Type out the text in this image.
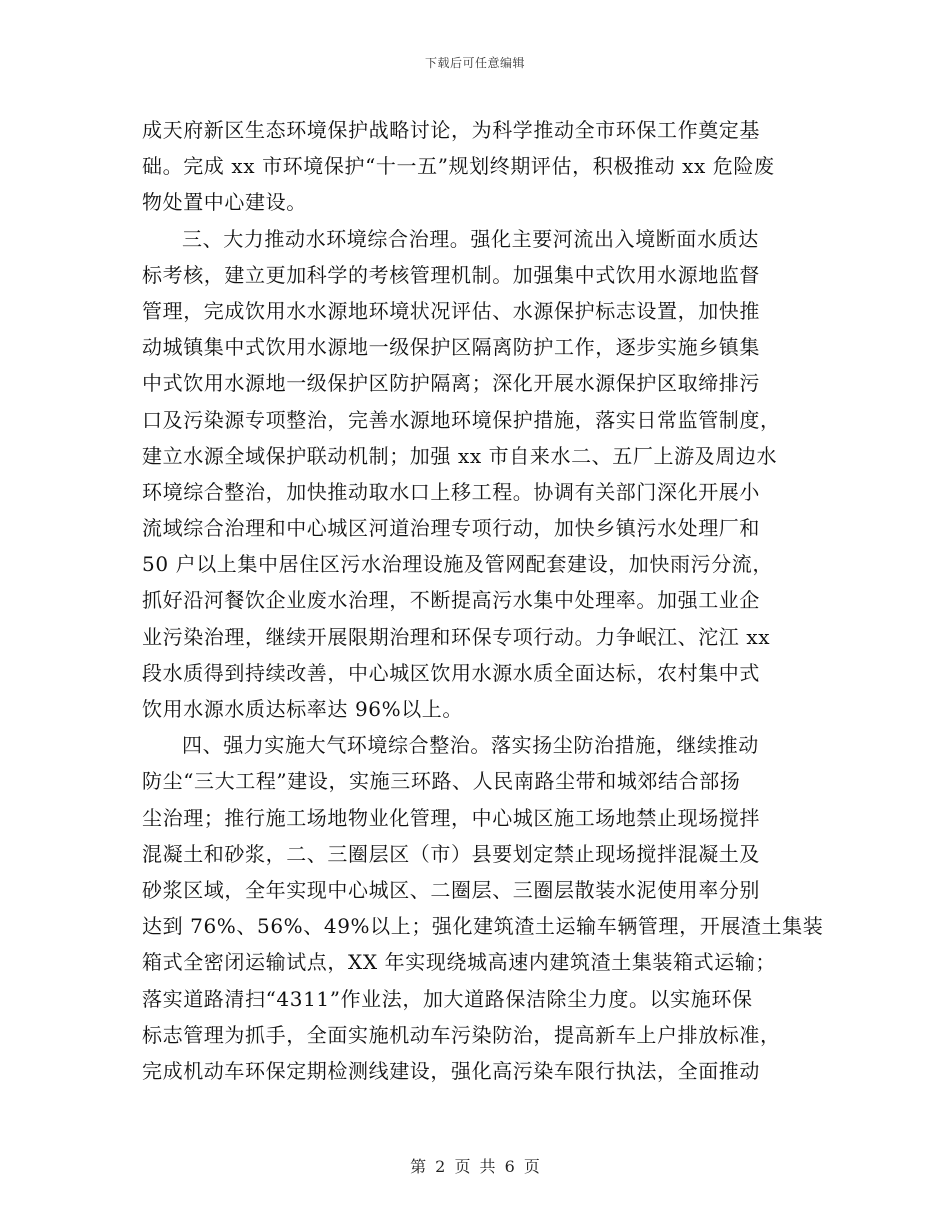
下载后可任意编辑
成天府新区生态环境保护战略讨论，为科学推动全市环保工作奠定基
础。完成 xx 市环境保护“十一五”规划终期评估，积极推动 xx 危险废
物处置中心建设。
三、大力推动水环境综合治理。强化主要河流出入境断面水质达
标考核，建立更加科学的考核管理机制。加强集中式饮用水源地监督
管理，完成饮用水水源地环境状况评估、水源保护标志设置，加快推
动城镇集中式饮用水源地一级保护区隔离防护工作，逐步实施乡镇集
中式饮用水源地一级保护区防护隔离；深化开展水源保护区取缔排污
口及污染源专项整治，完善水源地环境保护措施，落实日常监管制度，
建立水源全域保护联动机制；加强 xx 市自来水二、五厂上游及周边水
环境综合整治，加快推动取水口上移工程。协调有关部门深化开展小
流域综合治理和中心城区河道治理专项行动，加快乡镇污水处理厂和
50 户以上集中居住区污水治理设施及管网配套建设，加快雨污分流，
抓好沿河餐饮企业废水治理，不断提高污水集中处理率。加强工业企
业污染治理，继续开展限期治理和环保专项行动。力争岷江、沱江 xx
段水质得到持续改善，中心城区饮用水源水质全面达标，农村集中式
饮用水源水质达标率达 96%以上。
四、强力实施大气环境综合整治。落实扬尘防治措施，继续推动
防尘“三大工程”建设，实施三环路、人民南路尘带和城郊结合部扬
尘治理；推行施工场地物业化管理，中心城区施工场地禁止现场搅拌
混凝土和砂浆，二、三圈层区（市）县要划定禁止现场搅拌混凝土及
砂浆区域，全年实现中心城区、二圈层、三圈层散装水泥使用率分别
达到 76%、56%、49%以上；强化建筑渣土运输车辆管理，开展渣土集装
箱式全密闭运输试点，XX 年实现绕城高速内建筑渣土集装箱式运输；
落实道路清扫“4311”作业法，加大道路保洁除尘力度。以实施环保
标志管理为抓手，全面实施机动车污染防治，提高新车上户排放标准，
完成机动车环保定期检测线建设，强化高污染车限行执法，全面推动
第 2 页 共 6 页
